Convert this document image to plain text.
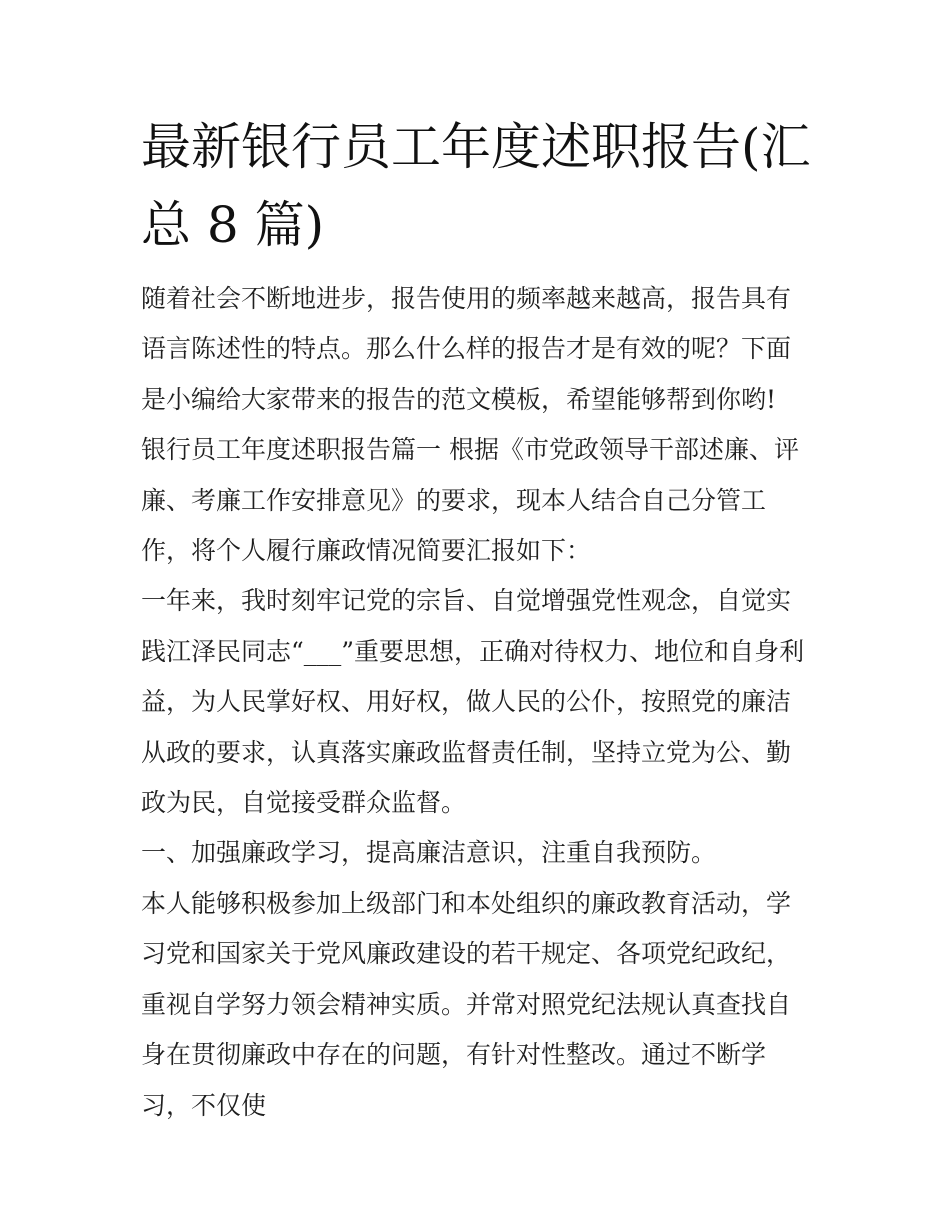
最新银行员工年度述职报告(汇总 8 篇)

随着社会不断地进步，报告使用的频率越来越高，报告具有语言陈述性的特点。那么什么样的报告才是有效的呢？下面是小编给大家带来的报告的范文模板，希望能够帮到你哟!

银行员工年度述职报告篇一 根据《市党政领导干部述廉、评廉、考廉工作安排意见》的要求，现本人结合自己分管工作，将个人履行廉政情况简要汇报如下：

一年来，我时刻牢记党的宗旨、自觉增强党性观念，自觉实践江泽民同志“___”重要思想，正确对待权力、地位和自身利益，为人民掌好权、用好权，做人民的公仆，按照党的廉洁从政的要求，认真落实廉政监督责任制，坚持立党为公、勤政为民，自觉接受群众监督。

一、加强廉政学习，提高廉洁意识，注重自我预防。

本人能够积极参加上级部门和本处组织的廉政教育活动，学习党和国家关于党风廉政建设的若干规定、各项党纪政纪，重视自学努力领会精神实质。并常对照党纪法规认真查找自身在贯彻廉政中存在的问题，有针对性整改。通过不断学习，不仅使
